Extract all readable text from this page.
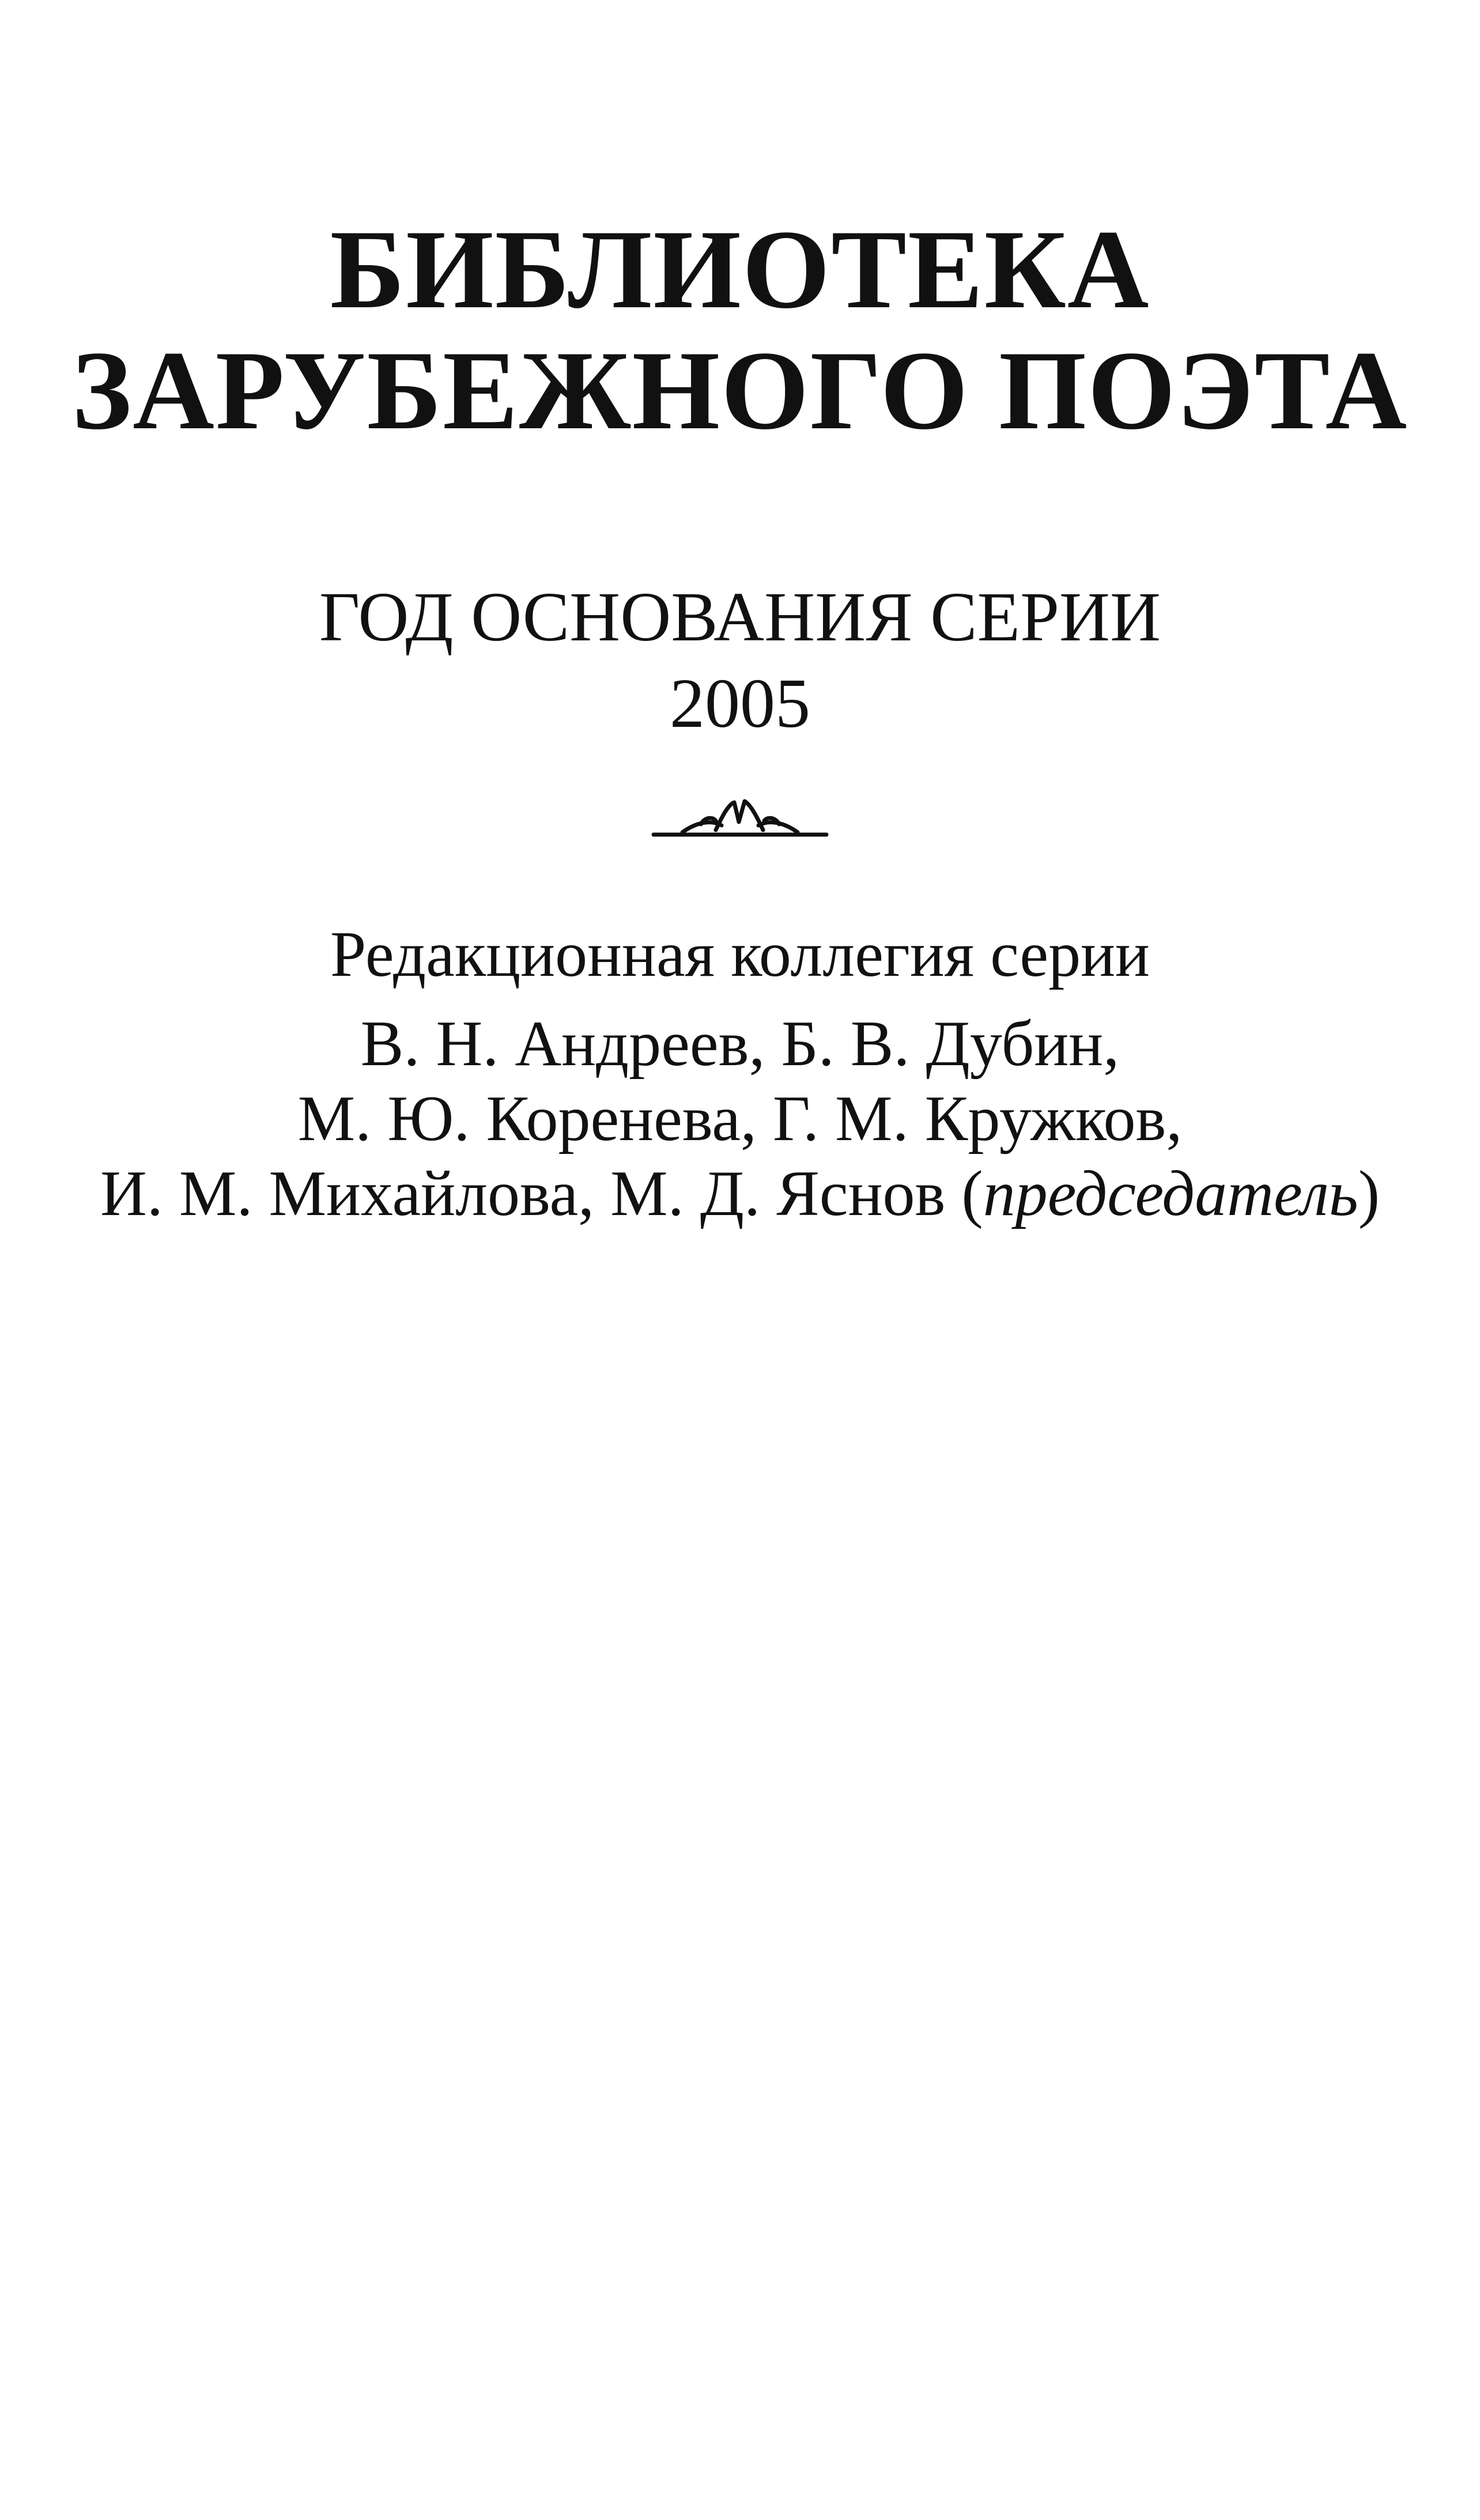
БИБЛИОТЕКА
ЗАРУБЕЖНОГО ПОЭТА
ГОД ОСНОВАНИЯ СЕРИИ
2005
Редакционная коллегия серии
В. Н. Андреев, Б. В. Дубин,
М. Ю. Коренева, Г. М. Кружков,
И. М. Михайлова, М. Д. Яснов (председатель)
